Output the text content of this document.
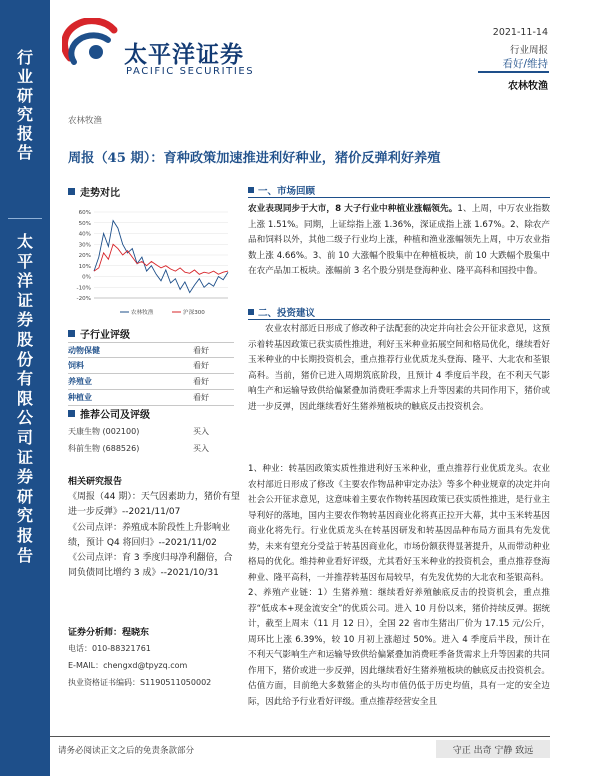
行
业
研
究
报
告
太
平
洋
证
券
股
份
有
限
公
司
证
券
研
究
报
告
太平洋证券
PACIFIC SECURITIES
2021-11-14
行业周报
看好/维持
农林牧渔
农林牧渔
周报（45 期）：育种政策加速推进利好种业，猪价反弹利好养殖
走势对比
60%
50%
40%
30%
20%
10%
0%
-10%
-20%
农林牧渔	沪深300
子行业评级
动物保健	看好
饲料	看好
养殖业	看好
种植业	看好
推荐公司及评级
天康生物 (002100)	买入
科前生物 (688526)	买入
相关研究报告

《周报（44 期）：天气因素助力，猪价有望进一步反弹》--2021/11/07

《公司点评：养殖成本阶段性上升影响业绩，预计 Q4 将回归》--2021/11/02

《公司点评：育 3 季度归母净利翻倍，合同负债同比增约 3 成》--2021/10/31

证券分析师：程晓东
电话：010-88321761
E-MAIL：chengxd@tpyzq.com
执业资格证书编码：S1190511050002
一、市场回顾
农业表现同步于大市，8 大子行业中种植业涨幅领先。1、上周，中万农业指数上涨 1.51%。同期，上证综指上涨 1.36%，深证成指上涨 1.67%。2、除农产品和饲料以外，其他二级子行业均上涨，种植和渔业涨幅领先上周，中万农业指数上涨 4.66%。3、前 10 大涨幅个股集中在种植板块，前 10 大跌幅个股集中在农产品加工板块。涨幅前 3 名个股分别是登海种业、隆平高科和国投中鲁。
二、投资建议
农业农村部近日形成了修改种子法配套的决定并向社会公开征求意见，这预示着转基因政策已获实质性推进，利好玉米种业拓展空间和格局优化，继续看好玉米种业的中长期投资机会，重点推荐行业优质龙头登海、隆平、大北农和荃银高科。当前，猪价已进入周期筑底阶段，且预计 4 季度后半段，在不利天气影响生产和运输导致供给偏紧叠加消费旺季需求上升等因素的共同作用下，猪价或进一步反弹，因此继续看好生猪养殖板块的触底反击投资机会。
1、种业：转基因政策实质性推进利好玉米种业，重点推荐行业优质龙头。农业农村部近日形成了修改《主要农作物品种审定办法》等多个种业规章的决定并向社会公开征求意见，这意味着主要农作物转基因政策已获实质性推进，是行业主导利好的落地，国内主要农作物转基因商业化将真正拉开大幕，其中玉米转基因商业化将先行。行业优质龙头在转基因研发和转基因品种布局方面具有先发优势，未来有望充分受益于转基因商业化，市场份额获得显著提升，从而带动种业格局的优化。维持种业看好评级，尤其看好玉米种业的投资机会，重点推荐登海种业、隆平高科，一并推荐转基因布局较早，有先发优势的大北农和荃银高科。
2、养殖产业链：1）生猪养殖：继续看好养殖触底反击的投资机会，重点推荐“低成本+现金流安全”的优质公司。进入 10 月份以来，猪价持续反弹。据统计，截至上周末（11 月 12 日），全国 22 省市生猪出厂价为 17.15 元/公斤，周环比上涨 6.39%，较 10 月初上涨超过 50%。进入 4 季度后半段，预计在不利天气影响生产和运输导致供给偏紧叠加消费旺季备货需求上升等因素的共同作用下，猪价或进一步反弹，因此继续看好生猪养殖板块的触底反击投资机会。估值方面，目前绝大多数猪企的头均市值仍低于历史均值，具有一定的安全边际，因此给予行业看好评级。重点推荐经营安全且
请务必阅读正文之后的免责条款部分	守正 出奇 宁静 致远
